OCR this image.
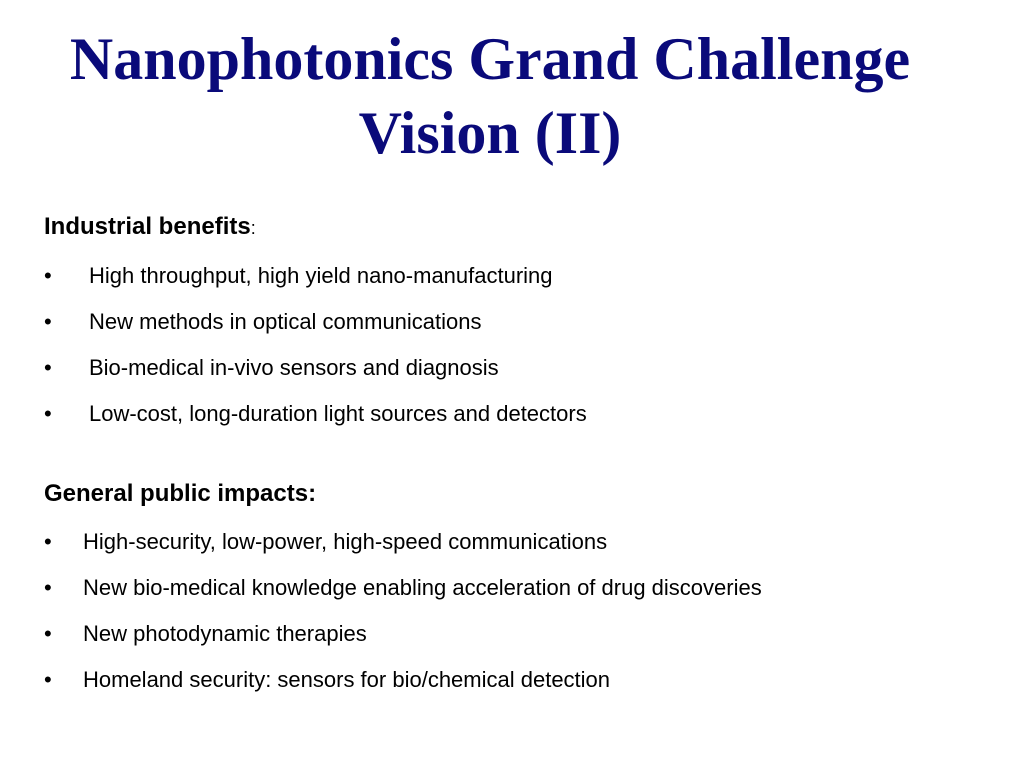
Nanophotonics Grand Challenge
Vision (II)

Industrial benefits:

• High throughput, high yield nano-manufacturing
• New methods in optical communications
• Bio-medical in-vivo sensors and diagnosis
• Low-cost, long-duration light sources and detectors

General public impacts:

• High-security, low-power, high-speed communications
• New bio-medical knowledge enabling acceleration of drug discoveries
• New photodynamic therapies
• Homeland security: sensors for bio/chemical detection
